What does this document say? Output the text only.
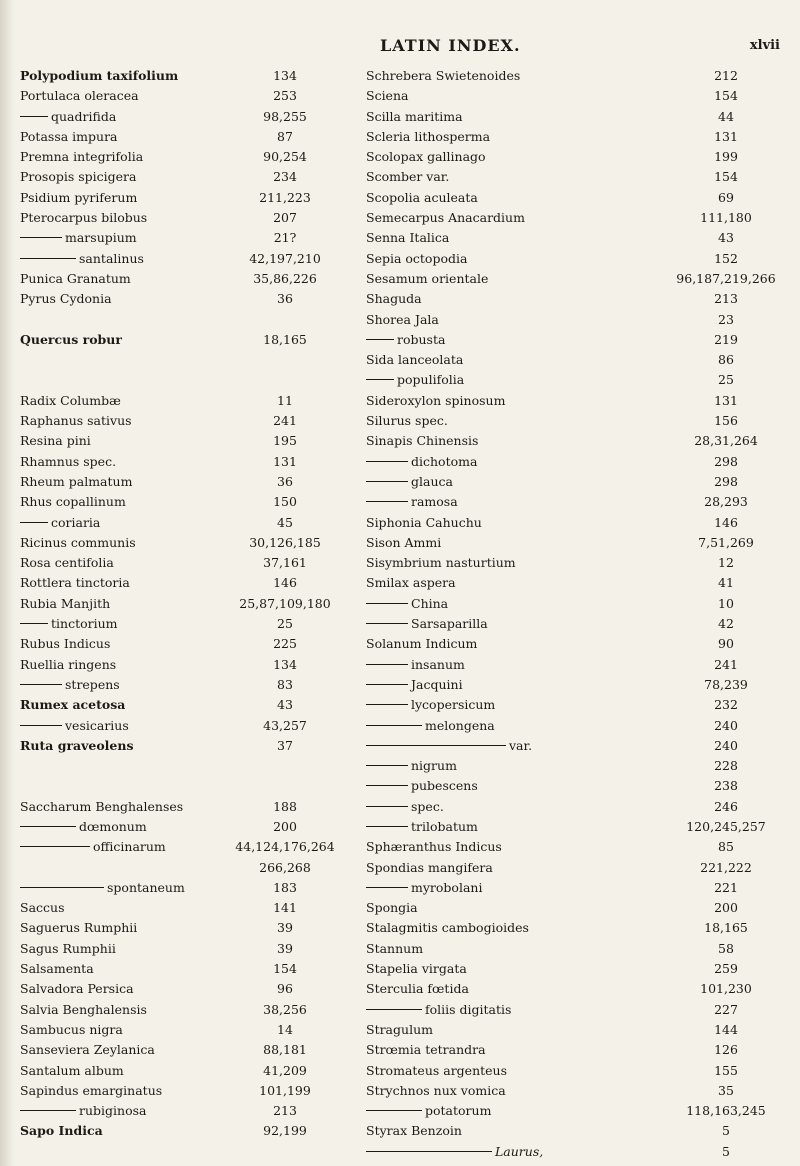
LATIN INDEX.	xlvii
Polypodium taxifolium	134
Portulaca oleracea	253
quadrifida	98,255
Potassa impura	87
Premna integrifolia	90,254
Prosopis spicigera	234
Psidium pyriferum	211,223
Pterocarpus bilobus	207
marsupium	21?
santalinus	42,197,210
Punica Granatum	35,86,226
Pyrus Cydonia	36
Quercus robur	18,165
Radix Columbæ	11
Raphanus sativus	241
Resina pini	195
Rhamnus spec.	131
Rheum palmatum	36
Rhus copallinum	150
coriaria	45
Ricinus communis	30,126,185
Rosa centifolia	37,161
Rottlera tinctoria	146
Rubia Manjith	25,87,109,180
tinctorium	25
Rubus Indicus	225
Ruellia ringens	134
strepens	83
Rumex acetosa	43
vesicarius	43,257
Ruta graveolens	37
Saccharum Benghalenses	188
dœmonum	200
officinarum	44,124,176,264
266,268
spontaneum	183
Saccus	141
Saguerus Rumphii	39
Sagus Rumphii	39
Salsamenta	154
Salvadora Persica	96
Salvia Benghalensis	38,256
Sambucus nigra	14
Sanseviera Zeylanica	88,181
Santalum album	41,209
Sapindus emarginatus	101,199
rubiginosa	213
Sapo Indica	92,199
Schrebera Swietenoides	212
Sciena	154
Scilla maritima	44
Scleria lithosperma	131
Scolopax gallinago	199
Scomber var.	154
Scopolia aculeata	69
Semecarpus Anacardium	111,180
Senna Italica	43
Sepia octopodia	152
Sesamum orientale	96,187,219,266
Shaguda	213
Shorea Jala	23
robusta	219
Sida lanceolata	86
populifolia	25
Sideroxylon spinosum	131
Silurus spec.	156
Sinapis Chinensis	28,31,264
dichotoma	298
glauca	298
ramosa	28,293
Siphonia Cahuchu	146
Sison Ammi	7,51,269
Sisymbrium nasturtium	12
Smilax aspera	41
China	10
Sarsaparilla	42
Solanum Indicum	90
insanum	241
Jacquini	78,239
lycopersicum	232
melongena	240
var.	240
nigrum	228
pubescens	238
spec.	246
trilobatum	120,245,257
Sphæranthus Indicus	85
Spondias mangifera	221,222
myrobolani	221
Spongia	200
Stalagmitis cambogioides	18,165
Stannum	58
Stapelia virgata	259
Sterculia fœtida	101,230
foliis digitatis	227
Stragulum	144
Strœmia tetrandra	126
Stromateus argenteus	155
Strychnos nux vomica	35
potatorum	118,163,245
Styrax Benzoin	5
Laurus,	5
